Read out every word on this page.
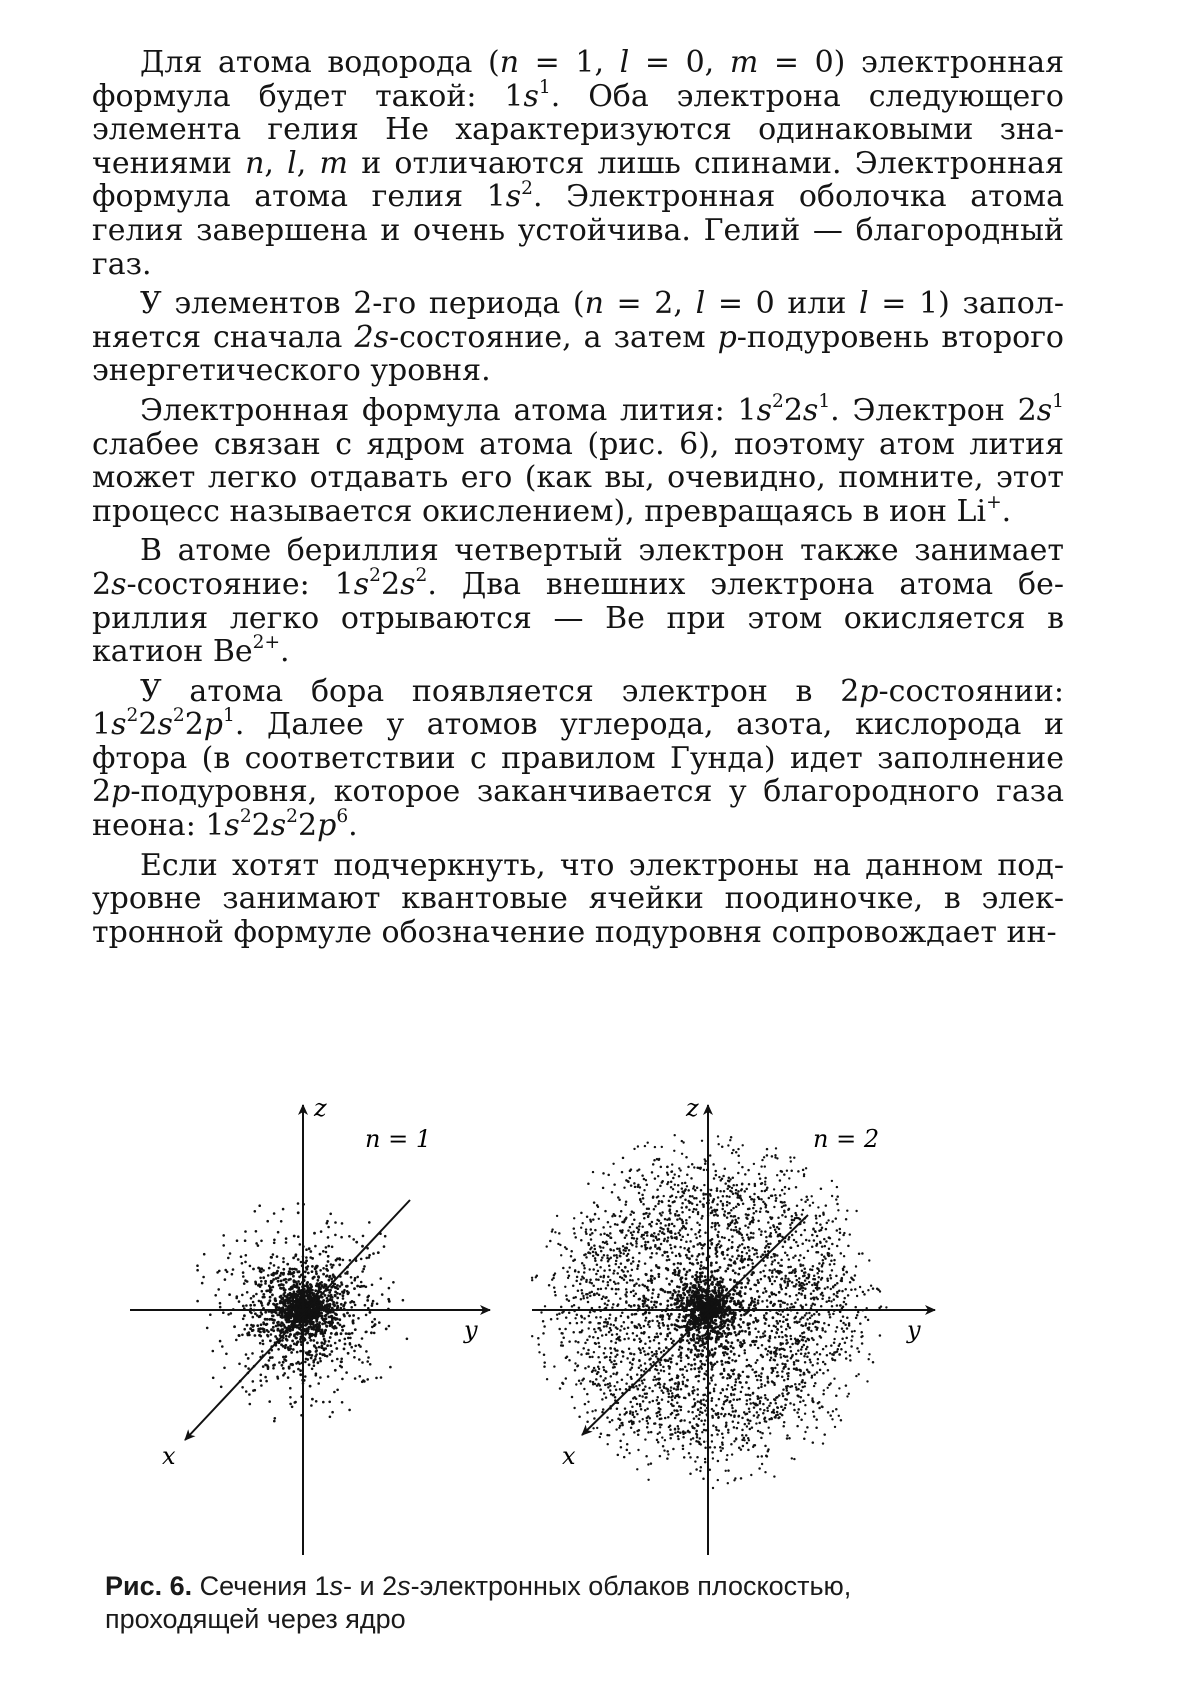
Для атома водорода (n = 1, l = 0, m = 0) электронная формула будет такой: $1s^1$. Оба электрона следующего элемента гелия Не характеризуются одинаковыми значениями n, l, m и отличаются лишь спинами. Электронная формула атома гелия $1s^2$. Электронная оболочка атома гелия завершена и очень устойчива. Гелий — благородный газ.

У элементов 2-го периода (n = 2, l = 0 или l = 1) заполняется сначала 2s-состояние, а затем р-подуровень второго энергетического уровня.

Электронная формула атома лития: $1s^22s^1$. Электрон $2s^1$ слабее связан с ядром атома (рис. 6), поэтому атом лития может легко отдавать его (как вы, очевидно, помните, этот процесс называется окислением), превращаясь в ион Li+.

В атоме бериллия четвертый электрон также занимает 2s-состояние: $1s^22s^2$. Два внешних электрона атома бериллия легко отрываются — Ве при этом окисляется в катион $Be^{2+}$.

У атома бора появляется электрон в 2р-состоянии: $1s^22s^22р^1$. Далее у атомов углерода, азота, кислорода и фтора (в соответствии с правилом Гунда) идет заполнение 2р-подуровня, которое заканчивается у благородного газа неона: $1s^22s^22р^6$.

Если хотят подчеркнуть, что электроны на данном подуровне занимают квантовые ячейки поодиночке, в электронной формуле обозначение подуровня сопровождает ин-

z
y
x
n = 1
z
y
x
n = 2

Рис. 6. Сечения 1s- и 2s-электронных облаков плоскостью, проходящей через ядро
